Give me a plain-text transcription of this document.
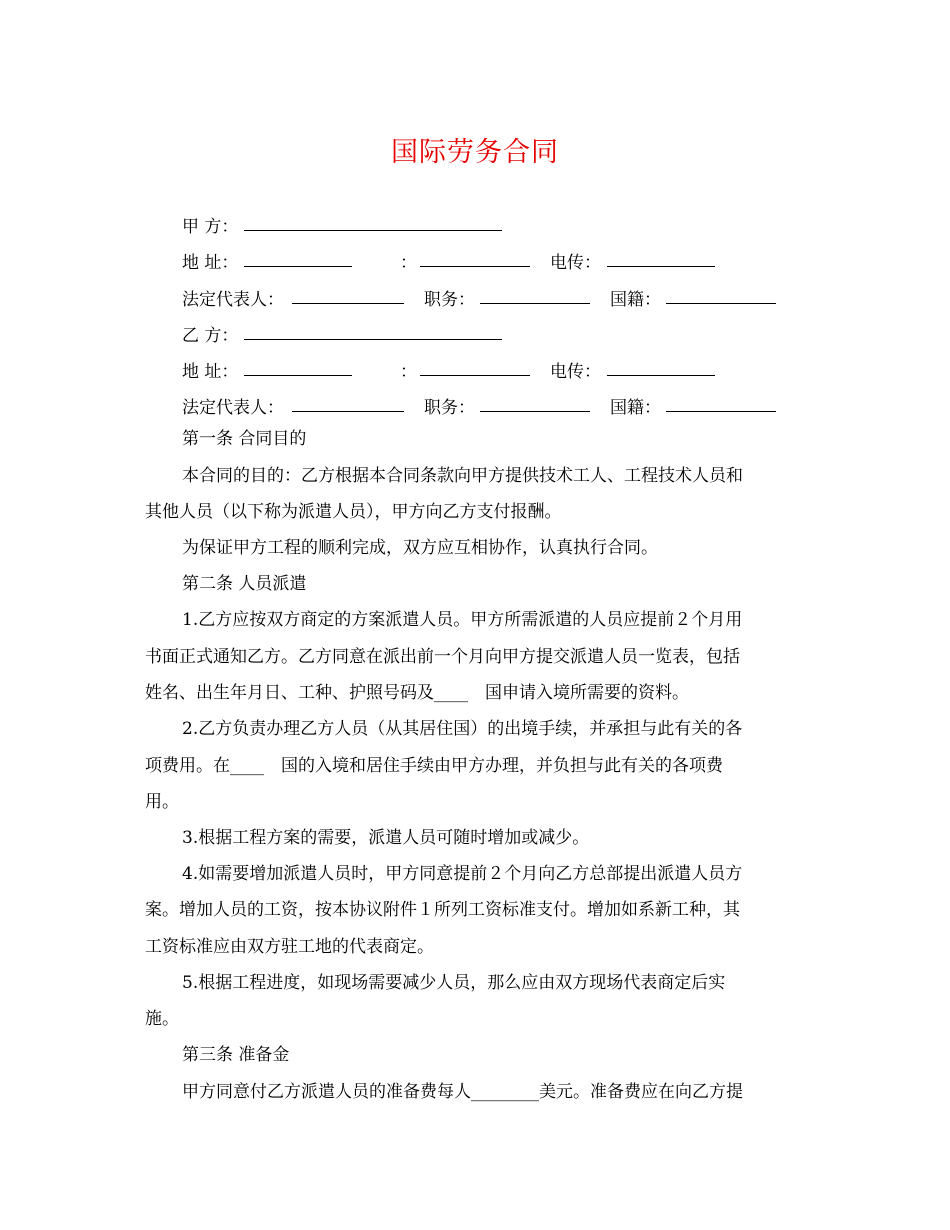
国际劳务合同
甲 方：
地 址：	：	电传：
法定代表人：	职务：	国籍：
乙 方：
地 址：	：	电传：
法定代表人：	职务：	国籍：
第一条 合同目的
本合同的目的：乙方根据本合同条款向甲方提供技术工人、工程技术人员和
其他人员（以下称为派遣人员），甲方向乙方支付报酬。
为保证甲方工程的顺利完成，双方应互相协作，认真执行合同。
第二条 人员派遣
1.乙方应按双方商定的方案派遣人员。甲方所需派遣的人员应提前２个月用
书面正式通知乙方。乙方同意在派出前一个月向甲方提交派遣人员一览表，包括
姓名、出生年月日、工种、护照号码及____　国申请入境所需要的资料。
2.乙方负责办理乙方人员（从其居住国）的出境手续，并承担与此有关的各
项费用。在____　国的入境和居住手续由甲方办理，并负担与此有关的各项费
用。
3.根据工程方案的需要，派遣人员可随时增加或减少。
4.如需要增加派遣人员时，甲方同意提前２个月向乙方总部提出派遣人员方
案。增加人员的工资，按本协议附件１所列工资标准支付。增加如系新工种，其
工资标准应由双方驻工地的代表商定。
5.根据工程进度，如现场需要减少人员，那么应由双方现场代表商定后实
施。
第三条 准备金
甲方同意付乙方派遣人员的准备费每人________美元。准备费应在向乙方提
